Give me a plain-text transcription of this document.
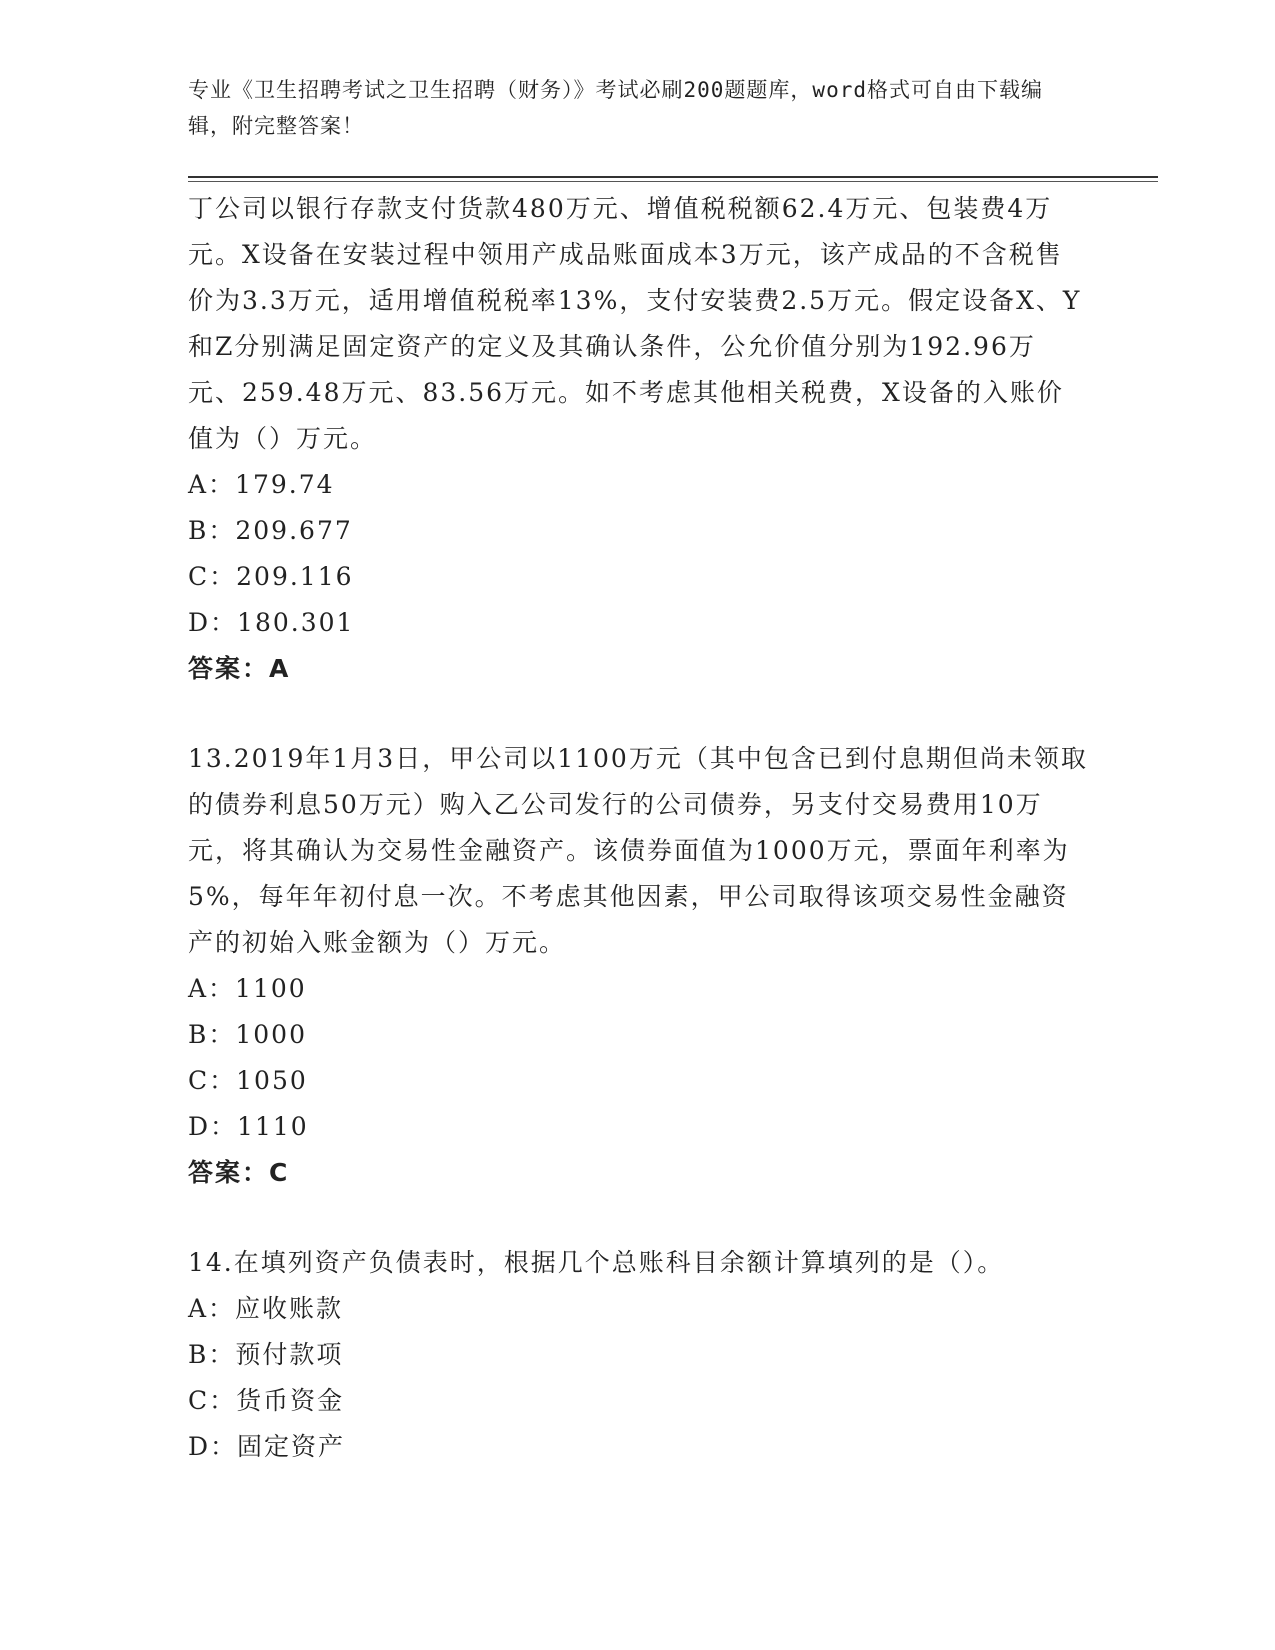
专业《卫生招聘考试之卫生招聘（财务）》考试必刷200题题库，word格式可自由下载编辑，附完整答案！

丁公司以银行存款支付货款480万元、增值税税额62.4万元、包装费4万元。X设备在安装过程中领用产成品账面成本3万元，该产成品的不含税售价为3.3万元，适用增值税税率13%，支付安装费2.5万元。假定设备X、Y和Z分别满足固定资产的定义及其确认条件，公允价值分别为192.96万元、259.48万元、83.56万元。如不考虑其他相关税费，X设备的入账价值为（）万元。

A：179.74

B：209.677

C：209.116

D：180.301

答案：A

13.2019年1月3日，甲公司以1100万元（其中包含已到付息期但尚未领取的债券利息50万元）购入乙公司发行的公司债券，另支付交易费用10万元，将其确认为交易性金融资产。该债券面值为1000万元，票面年利率为5%，每年年初付息一次。不考虑其他因素，甲公司取得该项交易性金融资产的初始入账金额为（）万元。

A：1100

B：1000

C：1050

D：1110

答案：C

14.在填列资产负债表时，根据几个总账科目余额计算填列的是（）。

A：应收账款

B：预付款项

C：货币资金

D：固定资产
